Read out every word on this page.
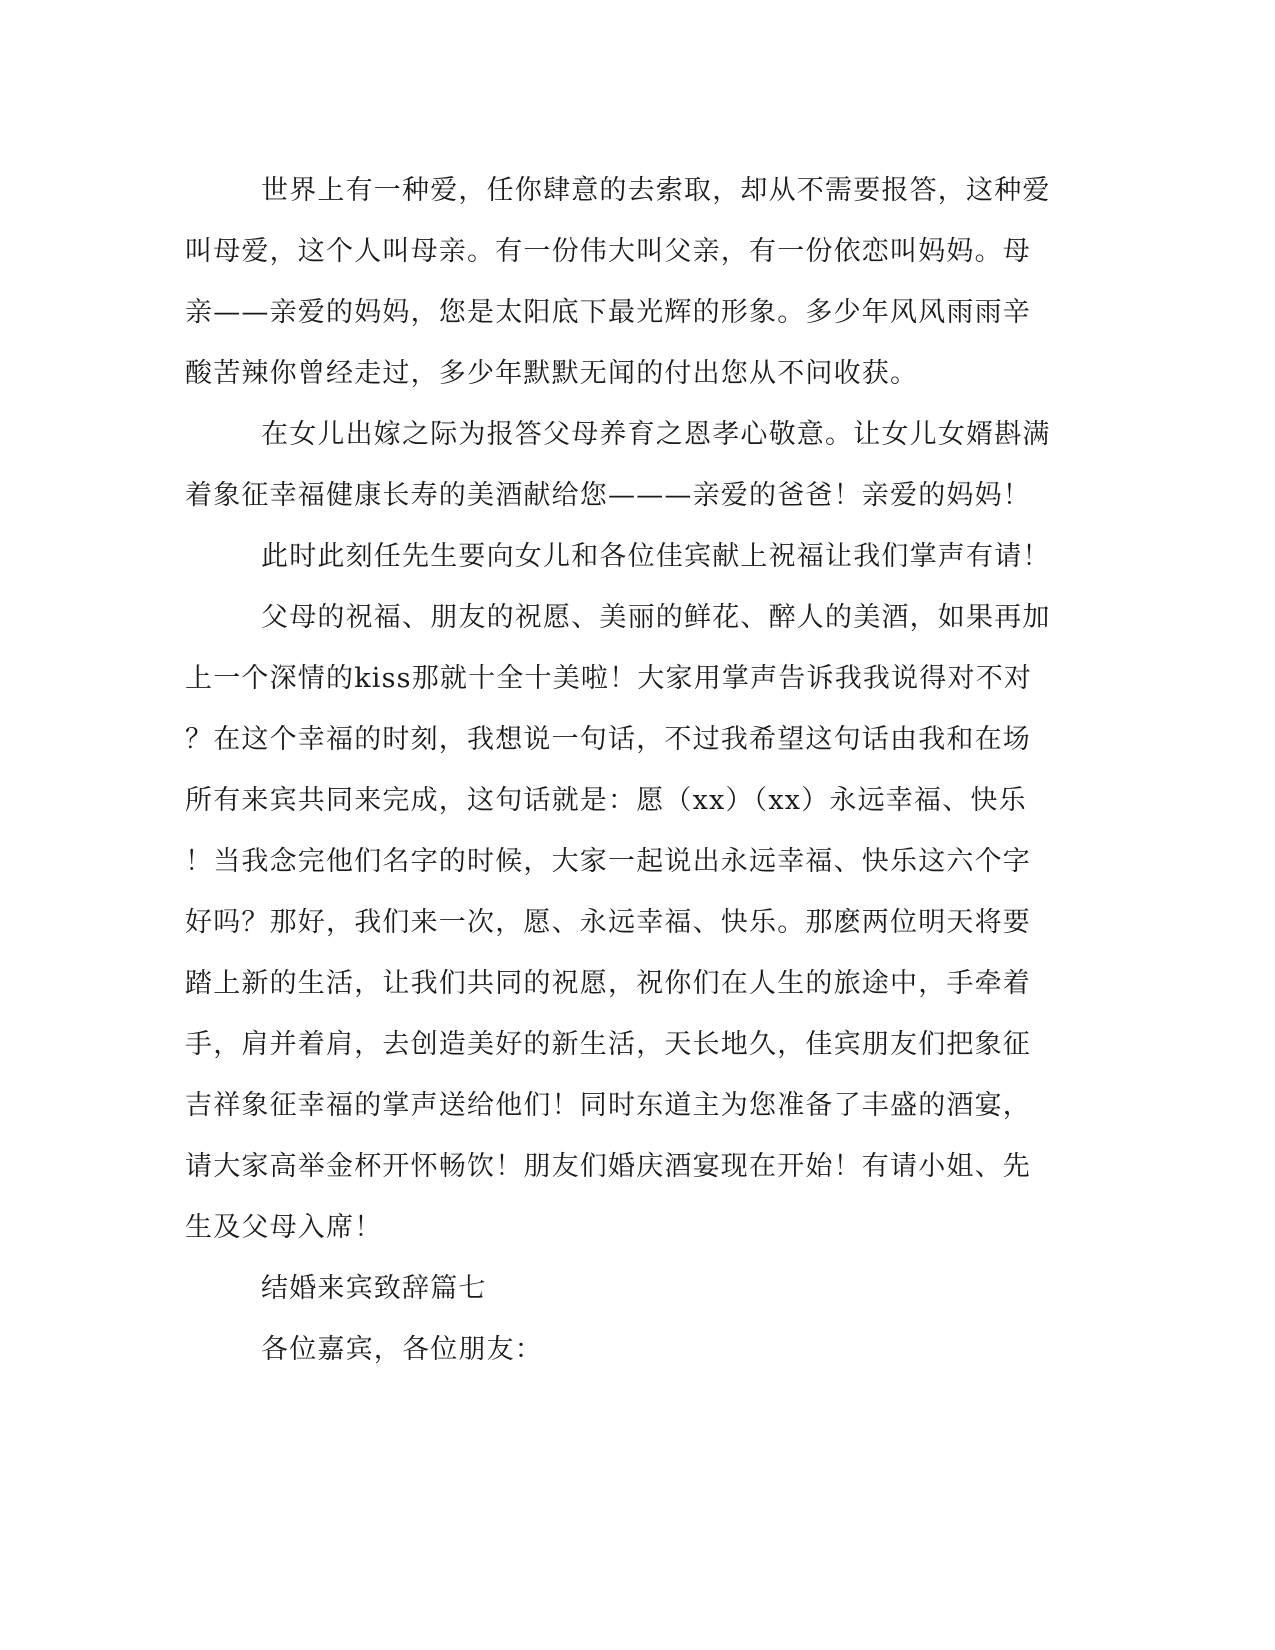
世界上有一种爱，任你肆意的去索取，却从不需要报答，这种爱
叫母爱，这个人叫母亲。有一份伟大叫父亲，有一份依恋叫妈妈。母
亲——亲爱的妈妈，您是太阳底下最光辉的形象。多少年风风雨雨辛
酸苦辣你曾经走过，多少年默默无闻的付出您从不问收获。
在女儿出嫁之际为报答父母养育之恩孝心敬意。让女儿女婿斟满
着象征幸福健康长寿的美酒献给您———亲爱的爸爸！亲爱的妈妈！
此时此刻任先生要向女儿和各位佳宾献上祝福让我们掌声有请！
父母的祝福、朋友的祝愿、美丽的鲜花、醉人的美酒，如果再加
上一个深情的kiss那就十全十美啦！大家用掌声告诉我我说得对不对
？在这个幸福的时刻，我想说一句话，不过我希望这句话由我和在场
所有来宾共同来完成，这句话就是：愿（xx）（xx）永远幸福、快乐
！当我念完他们名字的时候，大家一起说出永远幸福、快乐这六个字
好吗？那好，我们来一次，愿、永远幸福、快乐。那麽两位明天将要
踏上新的生活，让我们共同的祝愿，祝你们在人生的旅途中，手牵着
手，肩并着肩，去创造美好的新生活，天长地久，佳宾朋友们把象征
吉祥象征幸福的掌声送给他们！同时东道主为您准备了丰盛的酒宴，
请大家高举金杯开怀畅饮！朋友们婚庆酒宴现在开始！有请小姐、先
生及父母入席！
结婚来宾致辞篇七
各位嘉宾，各位朋友：
